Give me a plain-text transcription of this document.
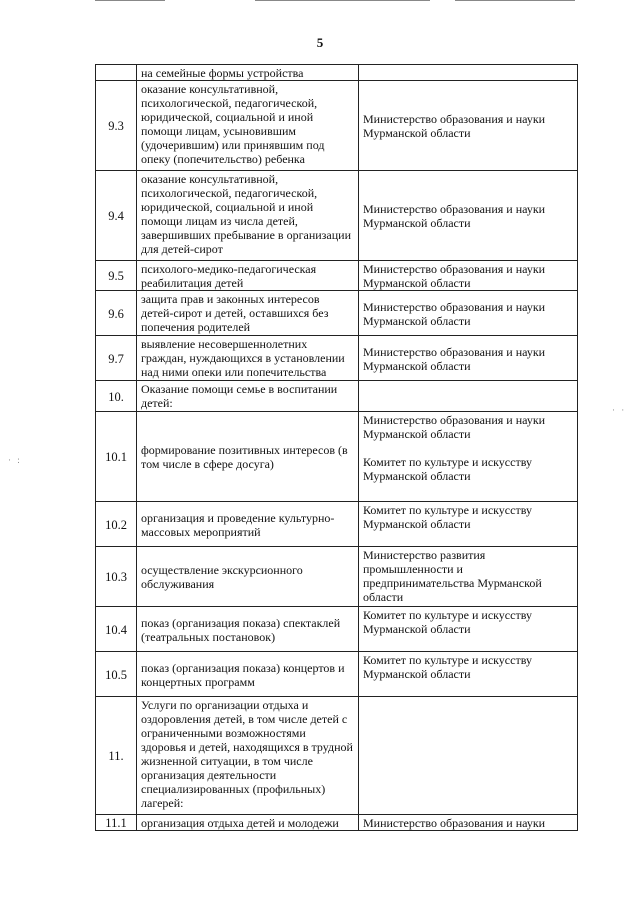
5
	на семейные формы устройства	
9.3	оказание консультативной, психологической, педагогической, юридической, социальной и иной помощи лицам, усыновившим (удочерившим) или принявшим под опеку (попечительство) ребенка	Министерство образования и науки Мурманской области

9.4	оказание консультативной, психологической, педагогической, юридической, социальной и иной помощи лицам из числа детей, завершивших пребывание в организации для детей-сирот	Министерство образования и науки Мурманской области

9.5	психолого-медико-педагогическая реабилитация детей	Министерство образования и науки Мурманской области

9.6	защита прав и законных интересов детей-сирот и детей, оставшихся без попечения родителей	Министерство образования и науки Мурманской области

9.7	выявление несовершеннолетних граждан, нуждающихся в установлении над ними опеки или попечительства	Министерство образования и науки Мурманской области

10.	Оказание помощи семье в воспитании детей:	
10.1	формирование позитивных интересов (в том числе в сфере досуга)	Министерство образования и науки Мурманской области
Комитет по культуре и искусству Мурманской области

10.2	организация и проведение культурно-массовых мероприятий	Комитет по культуре и искусству Мурманской области

10.3	осуществление экскурсионного обслуживания	Министерство развития промышленности и предпринимательства Мурманской области

10.4	показ (организация показа) спектаклей (театральных постановок)	Комитет по культуре и искусству Мурманской области

10.5	показ (организация показа) концертов и концертных программ	Комитет по культуре и искусству Мурманской области

11.	Услуги по организации отдыха и оздоровления детей, в том числе детей с ограниченными возможностями здоровья и детей, находящихся в трудной жизненной ситуации, в том числе организация деятельности специализированных (профильных) лагерей:	
11.1	организация отдыха детей и молодежи	Министерство образования и науки
· :
· ·
